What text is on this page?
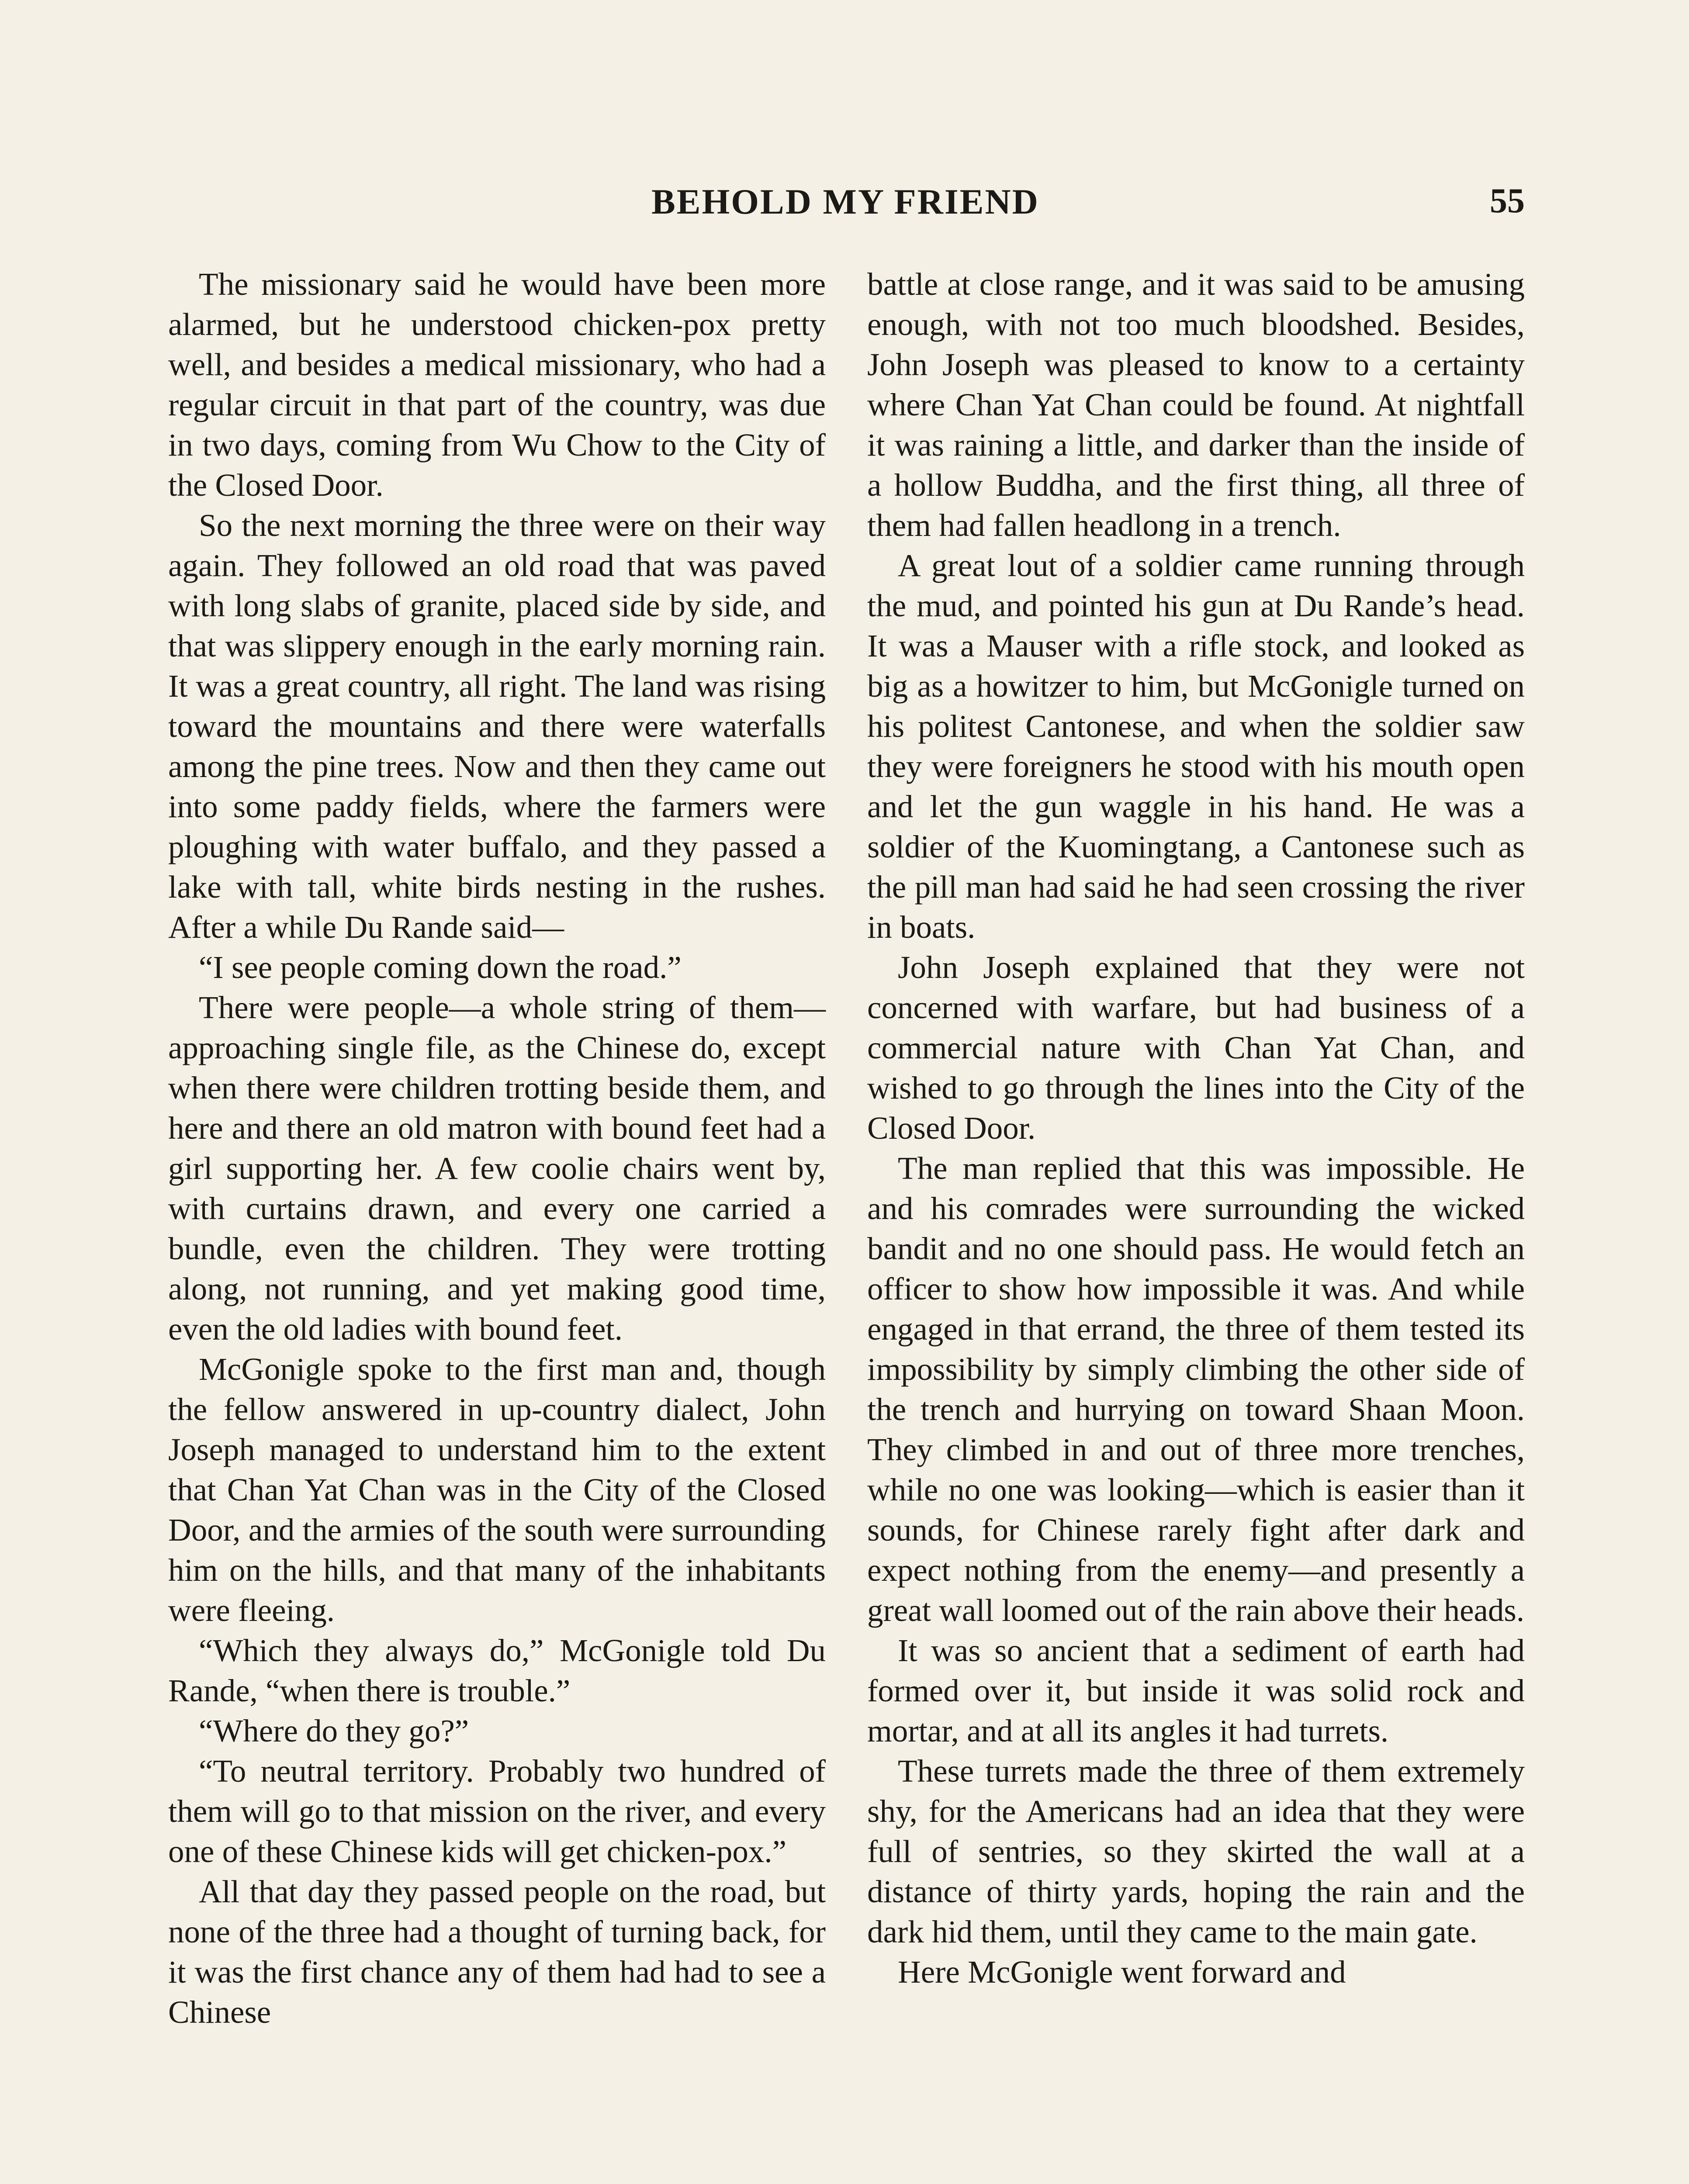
BEHOLD MY FRIEND	55

The missionary said he would have been more alarmed, but he understood chicken-pox pretty well, and besides a medical missionary, who had a regular circuit in that part of the country, was due in two days, coming from Wu Chow to the City of the Closed Door.

So the next morning the three were on their way again. They followed an old road that was paved with long slabs of granite, placed side by side, and that was slippery enough in the early morning rain. It was a great country, all right. The land was rising toward the mountains and there were waterfalls among the pine trees. Now and then they came out into some paddy fields, where the farmers were ploughing with water buffalo, and they passed a lake with tall, white birds nesting in the rushes. After a while Du Rande said—

“I see people coming down the road.”

There were people—a whole string of them—approaching single file, as the Chinese do, except when there were children trotting beside them, and here and there an old matron with bound feet had a girl supporting her. A few coolie chairs went by, with curtains drawn, and every one carried a bundle, even the children. They were trotting along, not running, and yet making good time, even the old ladies with bound feet.

McGonigle spoke to the first man and, though the fellow answered in up-country dialect, John Joseph managed to understand him to the extent that Chan Yat Chan was in the City of the Closed Door, and the armies of the south were surrounding him on the hills, and that many of the inhabitants were fleeing.

“Which they always do,” McGonigle told Du Rande, “when there is trouble.”

“Where do they go?”

“To neutral territory. Probably two hundred of them will go to that mission on the river, and every one of these Chinese kids will get chicken-pox.”

All that day they passed people on the road, but none of the three had a thought of turning back, for it was the first chance any of them had had to see a Chinese

battle at close range, and it was said to be amusing enough, with not too much bloodshed. Besides, John Joseph was pleased to know to a certainty where Chan Yat Chan could be found. At nightfall it was raining a little, and darker than the inside of a hollow Buddha, and the first thing, all three of them had fallen headlong in a trench.

A great lout of a soldier came running through the mud, and pointed his gun at Du Rande’s head. It was a Mauser with a rifle stock, and looked as big as a howitzer to him, but McGonigle turned on his politest Cantonese, and when the soldier saw they were foreigners he stood with his mouth open and let the gun waggle in his hand. He was a soldier of the Kuomingtang, a Cantonese such as the pill man had said he had seen crossing the river in boats.

John Joseph explained that they were not concerned with warfare, but had business of a commercial nature with Chan Yat Chan, and wished to go through the lines into the City of the Closed Door.

The man replied that this was impossible. He and his comrades were surrounding the wicked bandit and no one should pass. He would fetch an officer to show how impossible it was. And while engaged in that errand, the three of them tested its impossibility by simply climbing the other side of the trench and hurrying on toward Shaan Moon. They climbed in and out of three more trenches, while no one was looking—which is easier than it sounds, for Chinese rarely fight after dark and expect nothing from the enemy—and presently a great wall loomed out of the rain above their heads.

It was so ancient that a sediment of earth had formed over it, but inside it was solid rock and mortar, and at all its angles it had turrets.

These turrets made the three of them extremely shy, for the Americans had an idea that they were full of sentries, so they skirted the wall at a distance of thirty yards, hoping the rain and the dark hid them, until they came to the main gate.

Here McGonigle went forward and
